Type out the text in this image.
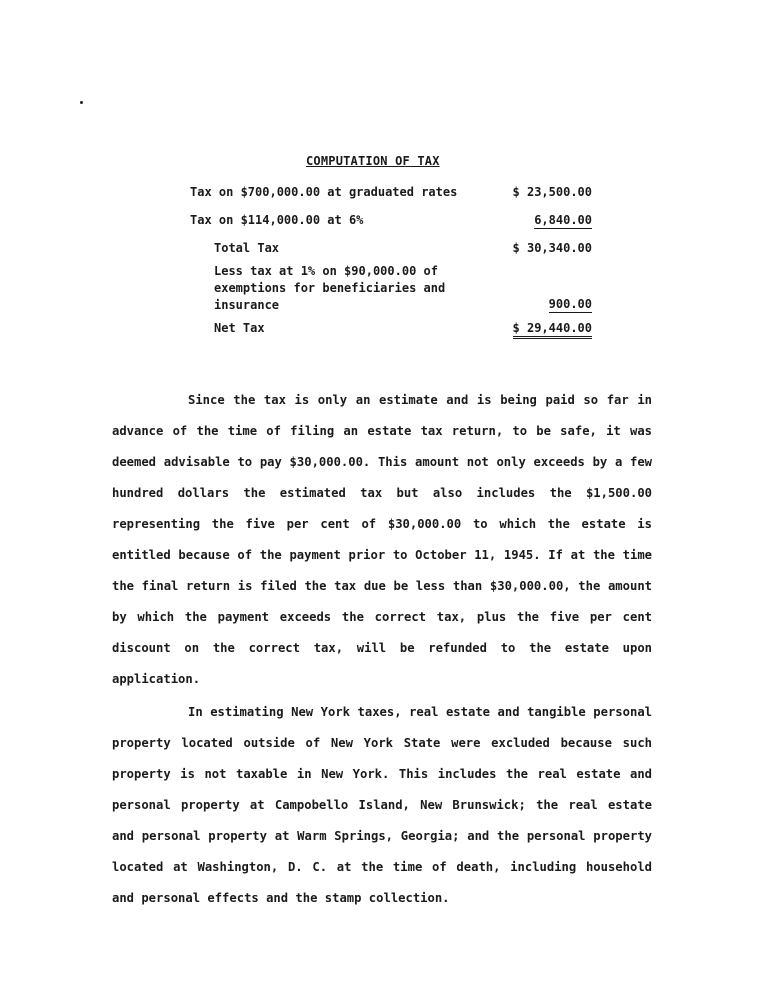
COMPUTATION OF TAX
Tax on $700,000.00 at graduated rates	$ 23,500.00
Tax on $114,000.00 at 6%	6,840.00
Total Tax	$ 30,340.00
Less tax at 1% on $90,000.00 of
exemptions for beneficiaries and
insurance	900.00
Net Tax	$ 29,440.00

Since the tax is only an estimate and is being paid so far in advance of the time of filing an estate tax return, to be safe, it was deemed advisable to pay $30,000.00. This amount not only exceeds by a few hundred dollars the estimated tax but also includes the $1,500.00 representing the five per cent of $30,000.00 to which the estate is entitled because of the payment prior to October 11, 1945. If at the time the final return is filed the tax due be less than $30,000.00, the amount by which the payment exceeds the correct tax, plus the five per cent discount on the correct tax, will be refunded to the estate upon application.

In estimating New York taxes, real estate and tangible personal property located outside of New York State were excluded because such property is not taxable in New York. This includes the real estate and personal property at Campobello Island, New Brunswick; the real estate and personal property at Warm Springs, Georgia; and the personal property located at Washington, D. C. at the time of death, including household and personal effects and the stamp collection.
